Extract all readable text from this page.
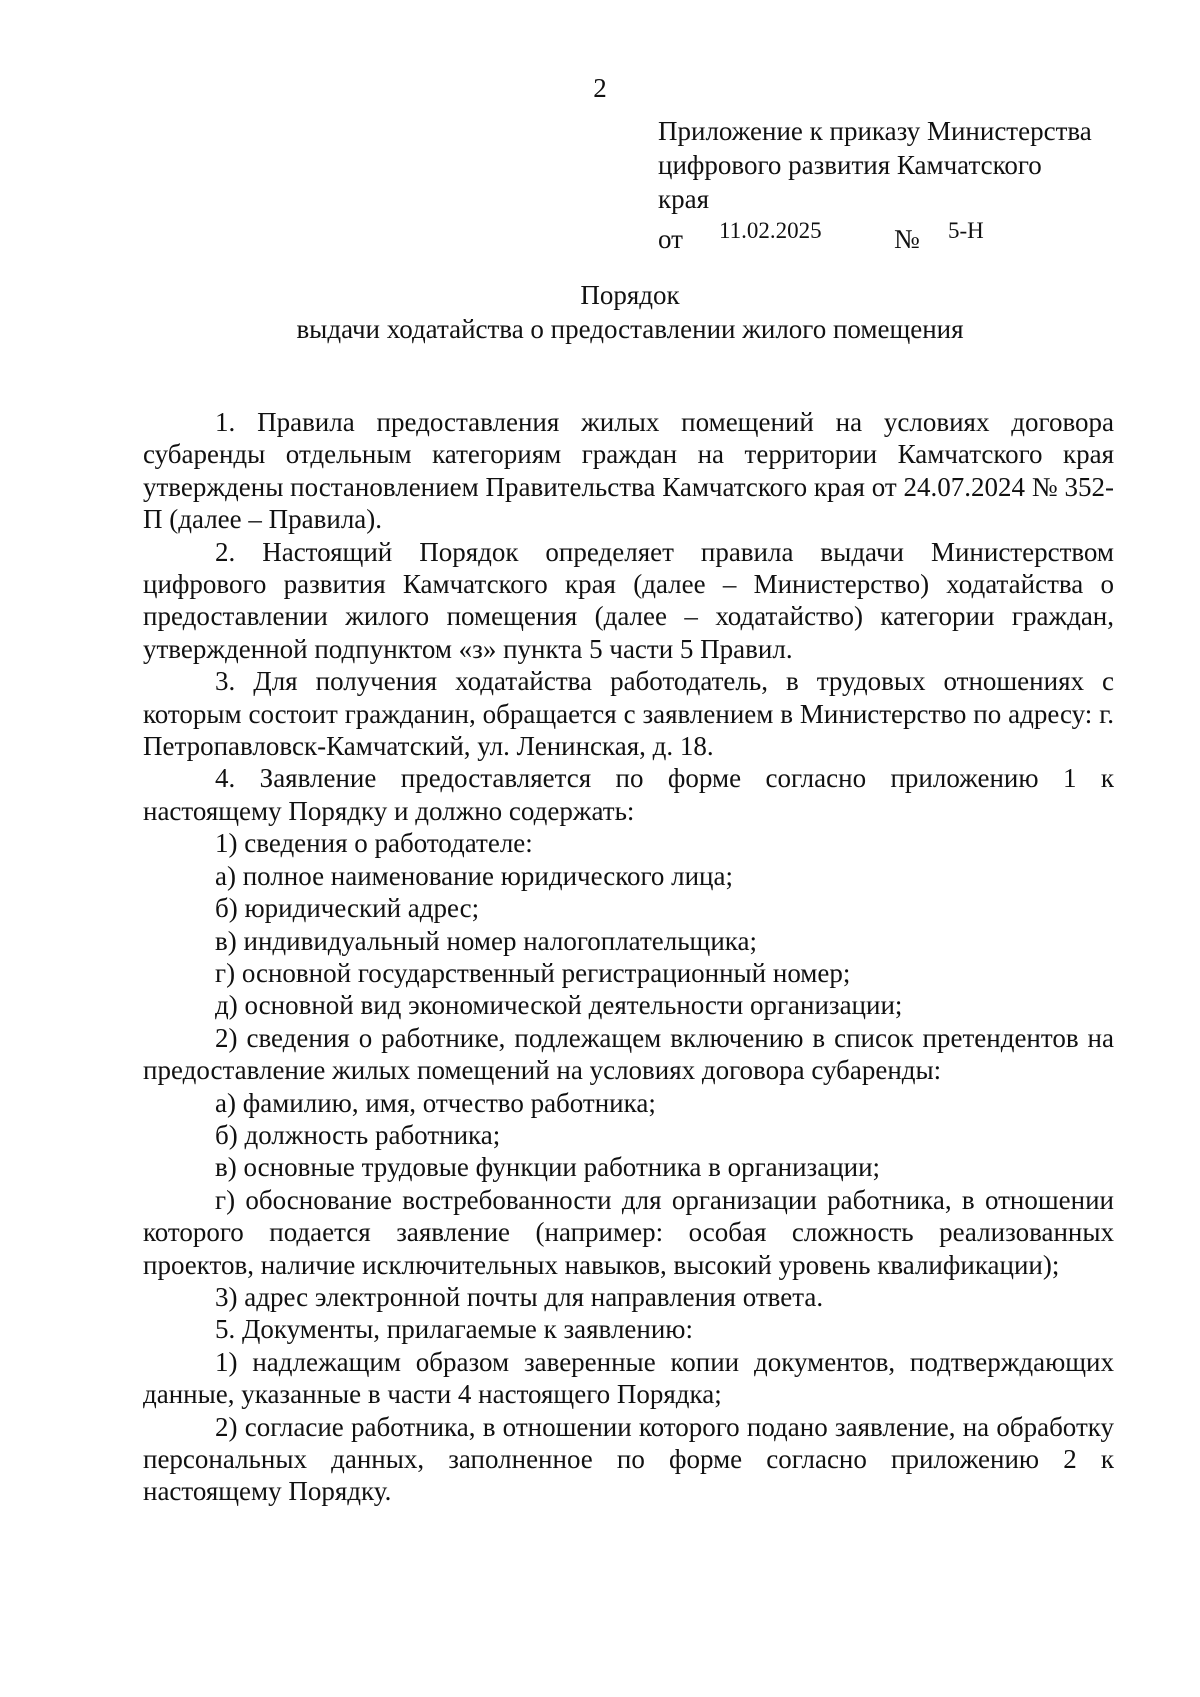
2
Приложение к приказу Министерства
цифрового развития Камчатского
края
от 11.02.2025	№ 5-Н
Порядок
выдачи ходатайства о предоставлении жилого помещения

1. Правила предоставления жилых помещений на условиях договора субаренды отдельным категориям граждан на территории Камчатского края утверждены постановлением Правительства Камчатского края от 24.07.2024 № 352-П (далее – Правила).

2. Настоящий Порядок определяет правила выдачи Министерством цифрового развития Камчатского края (далее – Министерство) ходатайства о предоставлении жилого помещения (далее – ходатайство) категории граждан, утвержденной подпунктом «з» пункта 5 части 5 Правил.

3. Для получения ходатайства работодатель, в трудовых отношениях с которым состоит гражданин, обращается с заявлением в Министерство по адресу: г. Петропавловск-Камчатский, ул. Ленинская, д. 18.

4. Заявление предоставляется по форме согласно приложению 1 к настоящему Порядку и должно содержать:

1) сведения о работодателе:

а) полное наименование юридического лица;

б) юридический адрес;

в) индивидуальный номер налогоплательщика;

г) основной государственный регистрационный номер;

д) основной вид экономической деятельности организации;

2) сведения о работнике, подлежащем включению в список претендентов на предоставление жилых помещений на условиях договора субаренды:

а) фамилию, имя, отчество работника;

б) должность работника;

в) основные трудовые функции работника в организации;

г) обоснование востребованности для организации работника, в отношении которого подается заявление (например: особая сложность реализованных проектов, наличие исключительных навыков, высокий уровень квалификации);

3) адрес электронной почты для направления ответа.

5. Документы, прилагаемые к заявлению:

1) надлежащим образом заверенные копии документов, подтверждающих данные, указанные в части 4 настоящего Порядка;

2) согласие работника, в отношении которого подано заявление, на обработку персональных данных, заполненное по форме согласно приложению 2 к настоящему Порядку.
